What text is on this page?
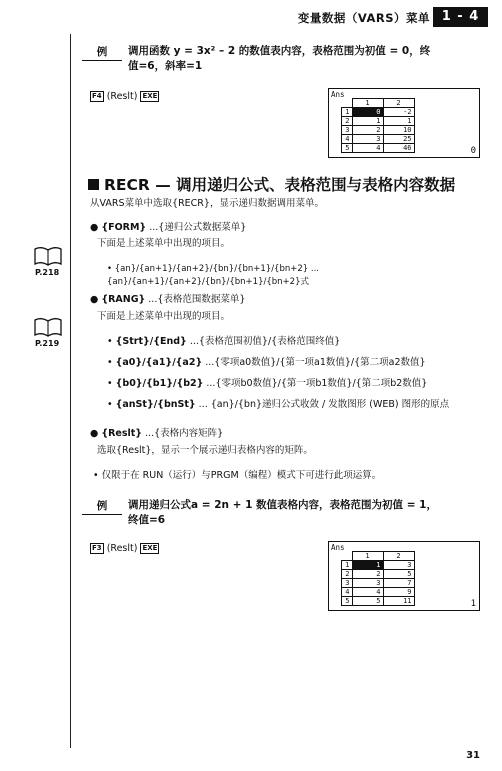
变量数据（VARS）菜单 1 - 4
例	调用函数 y = 3x² – 2 的数值表内容，表格范围为初值 = 0，终
值=6，斜率=1
F4 (Reslt) EXE	Ans
	1	2
1	0	-2
2	1	1
3	2	10
4	3	25
5	4	46	0
RECR — 调用递归公式、表格范围与表格内容数据
从VARS菜单中选取{RECR}，显示递归数据调用菜单。
● {FORM} ...{递归公式数据菜单}
下面是上述菜单中出现的项目。
• {an}/{an+1}/{an+2}/{bn}/{bn+1}/{bn+2} ... {an}/{an+1}/{an+2}/{bn}/{bn+1}/{bn+2}式
P.218
P.219
● {RANG} ...{表格范围数据菜单}
下面是上述菜单中出现的项目。
• {Strt}/{End} ...{表格范围初值}/{表格范围终值}
• {a0}/{a1}/{a2} ...{零项a0数值}/{第一项a1数值}/{第二项a2数值}
• {b0}/{b1}/{b2} ...{零项b0数值}/{第一项b1数值}/{第二项b2数值}
• {anSt}/{bnSt} ... {an}/{bn}递归公式收敛 / 发散图形 (WEB) 图形的原点
● {Reslt} ...{表格内容矩阵}
选取{Reslt}，显示一个展示递归表格内容的矩阵。
• 仅限于在 RUN（运行）与PRGM（编程）模式下可进行此项运算。
例	调用递归公式a = 2n + 1 数值表格内容，表格范围为初值 = 1，
终值=6
F3 (Reslt) EXE	Ans
	1	2
1	1	3
2	2	5
3	3	7
4	4	9
5	5	11	1
31
